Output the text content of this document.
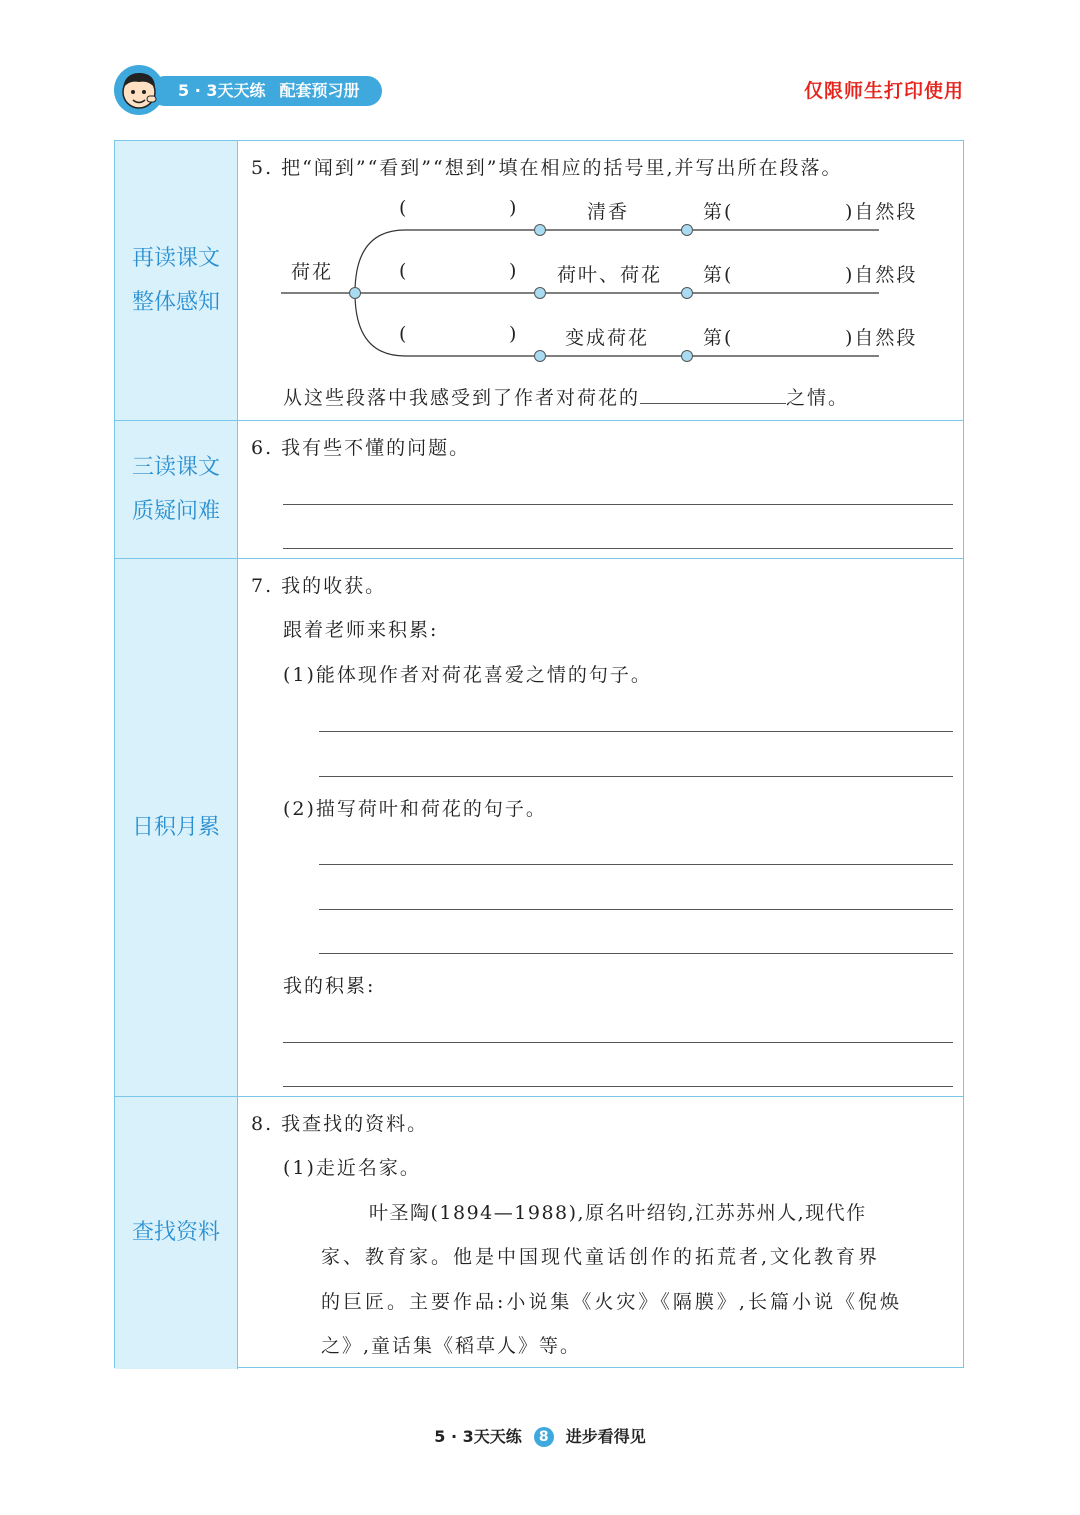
5 · 3天天练 配套预习册	仅限师生打印使用
再读课文
整体感知
5. 把“闻到”“看到”“想到”填在相应的括号里,并写出所在段落。
荷花
(	)	清香	第(	)自然段
(	) 荷叶、荷花 第(	)自然段
(	) 变成荷花	第(	)自然段
从这些段落中我感受到了作者对荷花的	之情。
三读课文
质疑问难
6. 我有些不懂的问题。
日积月累
7. 我的收获。
跟着老师来积累:
(1)能体现作者对荷花喜爱之情的句子。
(2)描写荷叶和荷花的句子。
我的积累:
查找资料
8. 我查找的资料。
(1)走近名家。
叶圣陶(1894—1988),原名叶绍钧,江苏苏州人,现代作
家、教育家。他是中国现代童话创作的拓荒者,文化教育界
的巨匠。主要作品:小说集《火灾》《隔膜》,长篇小说《倪焕
之》,童话集《稻草人》等。
5 · 3天天练 8 进步看得见
